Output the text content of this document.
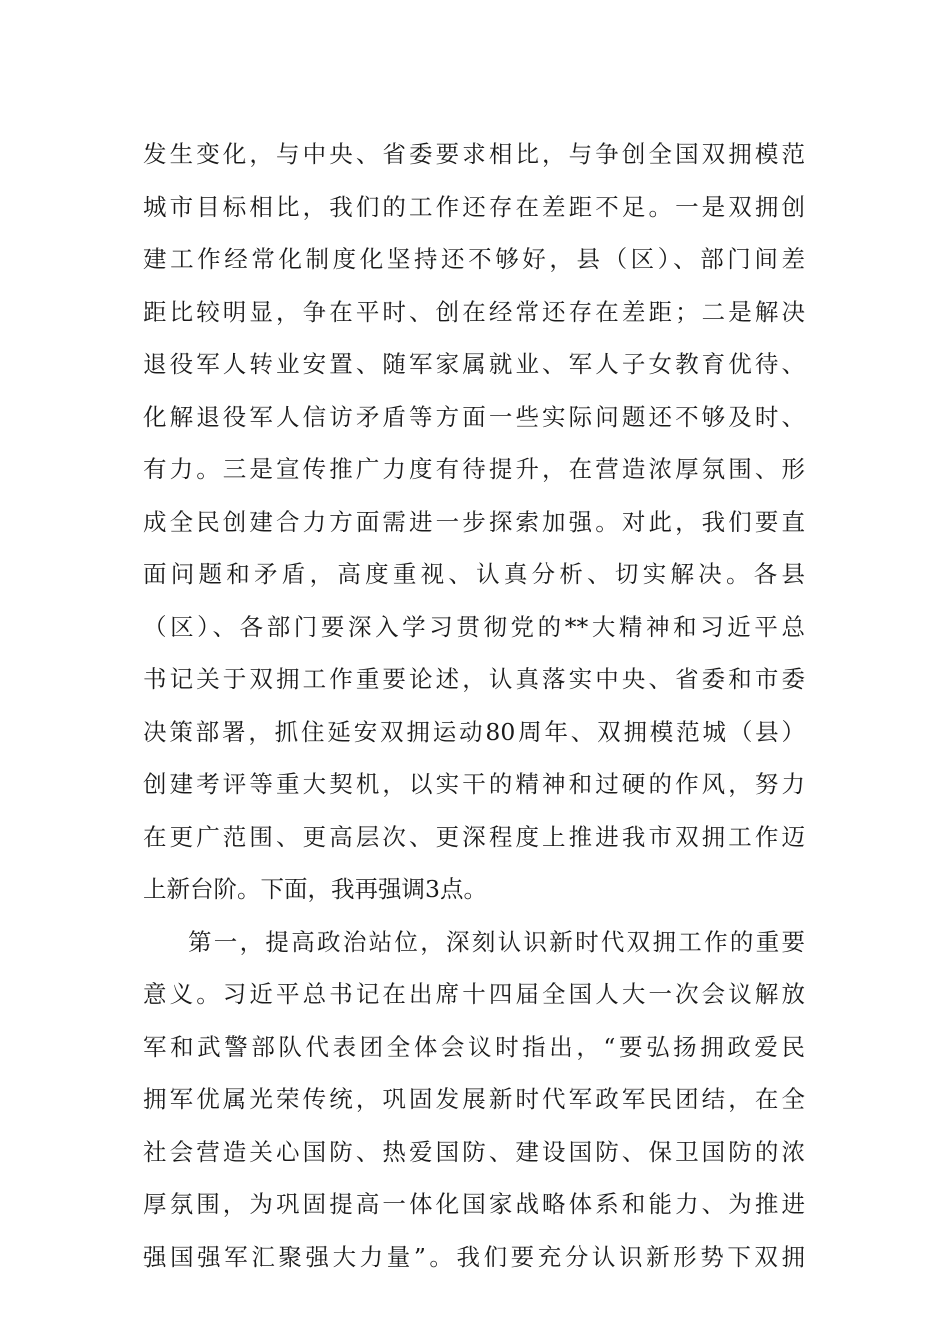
发生变化，与中央、省委要求相比，与争创全国双拥模范
城市目标相比，我们的工作还存在差距不足。一是双拥创
建工作经常化制度化坚持还不够好，县（区）、部门间差
距比较明显，争在平时、创在经常还存在差距；二是解决
退役军人转业安置、随军家属就业、军人子女教育优待、
化解退役军人信访矛盾等方面一些实际问题还不够及时、
有力。三是宣传推广力度有待提升，在营造浓厚氛围、形
成全民创建合力方面需进一步探索加强。对此，我们要直
面问题和矛盾，高度重视、认真分析、切实解决。各县
（区）、各部门要深入学习贯彻党的**大精神和习近平总
书记关于双拥工作重要论述，认真落实中央、省委和市委
决策部署，抓住延安双拥运动80周年、双拥模范城（县）
创建考评等重大契机，以实干的精神和过硬的作风，努力
在更广范围、更高层次、更深程度上推进我市双拥工作迈
上新台阶。下面，我再强调3点。
第一，提高政治站位，深刻认识新时代双拥工作的重要
意义。习近平总书记在出席十四届全国人大一次会议解放
军和武警部队代表团全体会议时指出，“要弘扬拥政爱民
拥军优属光荣传统，巩固发展新时代军政军民团结，在全
社会营造关心国防、热爱国防、建设国防、保卫国防的浓
厚氛围，为巩固提高一体化国家战略体系和能力、为推进
强国强军汇聚强大力量”。我们要充分认识新形势下双拥
